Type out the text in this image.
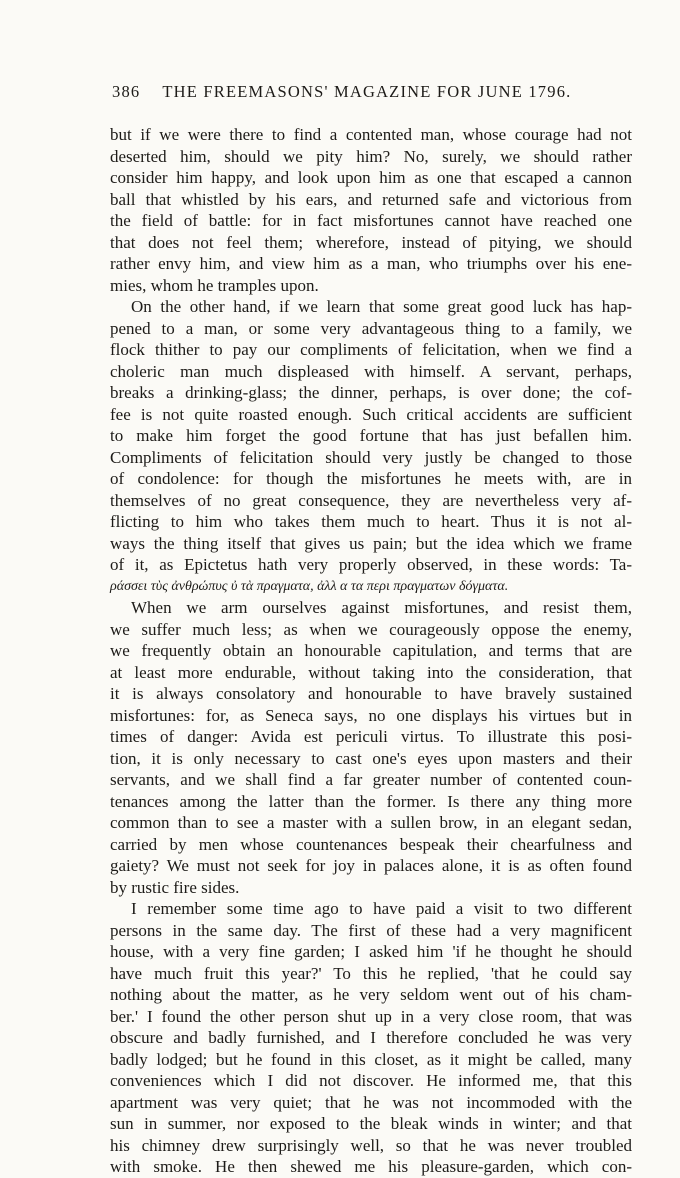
386 THE FREEMASONS' MAGAZINE FOR JUNE 1796.
but if we were there to find a contented man, whose courage had not
deserted him, should we pity him? No, surely, we should rather
consider him happy, and look upon him as one that escaped a cannon
ball that whistled by his ears, and returned safe and victorious from
the field of battle: for in fact misfortunes cannot have reached one
that does not feel them; wherefore, instead of pitying, we should
rather envy him, and view him as a man, who triumphs over his ene-
mies, whom he tramples upon.
On the other hand, if we learn that some great good luck has hap-
pened to a man, or some very advantageous thing to a family, we
flock thither to pay our compliments of felicitation, when we find a
choleric man much displeased with himself. A servant, perhaps,
breaks a drinking-glass; the dinner, perhaps, is over done; the cof-
fee is not quite roasted enough. Such critical accidents are sufficient
to make him forget the good fortune that has just befallen him.
Compliments of felicitation should very justly be changed to those
of condolence: for though the misfortunes he meets with, are in
themselves of no great consequence, they are nevertheless very af-
flicting to him who takes them much to heart. Thus it is not al-
ways the thing itself that gives us pain; but the idea which we frame
of it, as Epictetus hath very properly observed, in these words: Ta-
ράσσει τὺς ἀνθρώπυς ὐ τὰ πραγματα, ἀλλ α τα περι πραγματων δόγματα.
When we arm ourselves against misfortunes, and resist them,
we suffer much less; as when we courageously oppose the enemy,
we frequently obtain an honourable capitulation, and terms that are
at least more endurable, without taking into the consideration, that
it is always consolatory and honourable to have bravely sustained
misfortunes: for, as Seneca says, no one displays his virtues but in
times of danger: Avida est periculi virtus. To illustrate this posi-
tion, it is only necessary to cast one's eyes upon masters and their
servants, and we shall find a far greater number of contented coun-
tenances among the latter than the former. Is there any thing more
common than to see a master with a sullen brow, in an elegant sedan,
carried by men whose countenances bespeak their chearfulness and
gaiety? We must not seek for joy in palaces alone, it is as often found
by rustic fire sides.
I remember some time ago to have paid a visit to two different
persons in the same day. The first of these had a very magnificent
house, with a very fine garden; I asked him 'if he thought he should
have much fruit this year?' To this he replied, 'that he could say
nothing about the matter, as he very seldom went out of his cham-
ber.' I found the other person shut up in a very close room, that was
obscure and badly furnished, and I therefore concluded he was very
badly lodged; but he found in this closet, as it might be called, many
conveniences which I did not discover. He informed me, that this
apartment was very quiet; that he was not incommoded with the
sun in summer, nor exposed to the bleak winds in winter; and that
his chimney drew surprisingly well, so that he was never troubled
with smoke. He then shewed me his pleasure-garden, which con-
